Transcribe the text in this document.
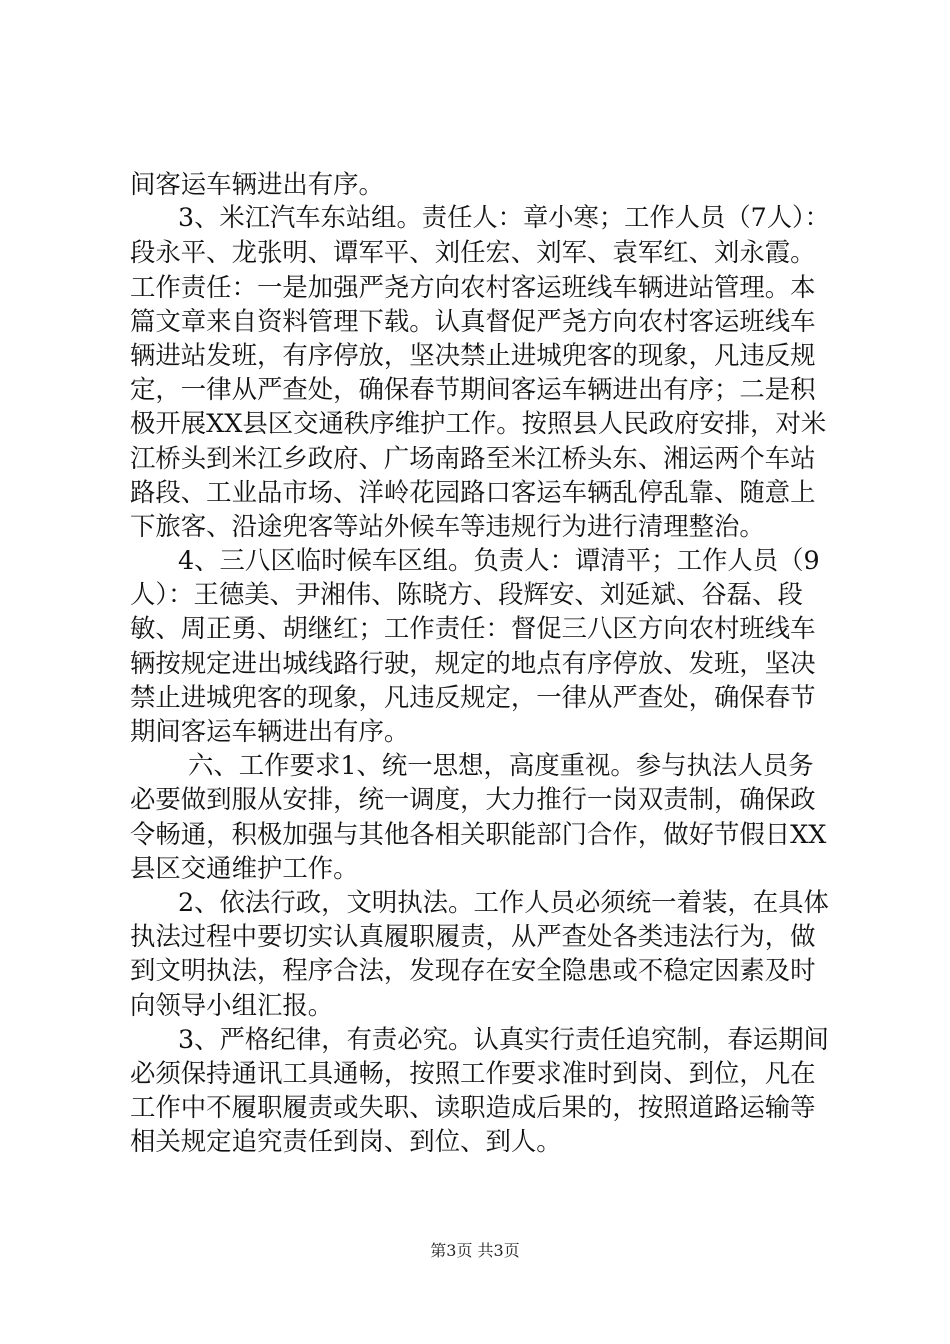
间客运车辆进出有序。
3、米江汽车东站组。责任人：章小寒；工作人员（7人）：
段永平、龙张明、谭军平、刘任宏、刘军、袁军红、刘永霞。
工作责任：一是加强严尧方向农村客运班线车辆进站管理。本
篇文章来自资料管理下载。认真督促严尧方向农村客运班线车
辆进站发班，有序停放，坚决禁止进城兜客的现象，凡违反规
定，一律从严查处，确保春节期间客运车辆进出有序；二是积
极开展XX县区交通秩序维护工作。按照县人民政府安排，对米
江桥头到米江乡政府、广场南路至米江桥头东、湘运两个车站
路段、工业品市场、洋岭花园路口客运车辆乱停乱靠、随意上
下旅客、沿途兜客等站外候车等违规行为进行清理整治。
4、三八区临时候车区组。负责人：谭清平；工作人员（9
人）：王德美、尹湘伟、陈晓方、段辉安、刘延斌、谷磊、段
敏、周正勇、胡继红；工作责任：督促三八区方向农村班线车
辆按规定进出城线路行驶，规定的地点有序停放、发班，坚决
禁止进城兜客的现象，凡违反规定，一律从严查处，确保春节
期间客运车辆进出有序。
六、工作要求1、统一思想，高度重视。参与执法人员务
必要做到服从安排，统一调度，大力推行一岗双责制，确保政
令畅通，积极加强与其他各相关职能部门合作，做好节假日XX
县区交通维护工作。
2、依法行政，文明执法。工作人员必须统一着装，在具体
执法过程中要切实认真履职履责，从严查处各类违法行为，做
到文明执法，程序合法，发现存在安全隐患或不稳定因素及时
向领导小组汇报。
3、严格纪律，有责必究。认真实行责任追究制，春运期间
必须保持通讯工具通畅，按照工作要求准时到岗、到位，凡在
工作中不履职履责或失职、读职造成后果的，按照道路运输等
相关规定追究责任到岗、到位、到人。
第3页 共3页
